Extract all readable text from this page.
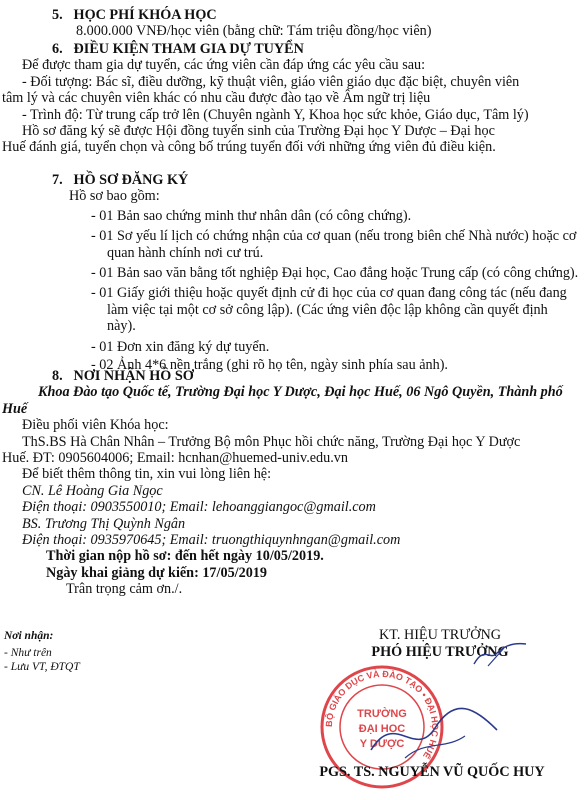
5. HỌC PHÍ KHÓA HỌC

8.000.000 VNĐ/học viên (bằng chữ: Tám triệu đồng/học viên)

6. ĐIỀU KIỆN THAM GIA DỰ TUYỂN

Để được tham gia dự tuyển, các ứng viên cần đáp ứng các yêu cầu sau:

- Đối tượng: Bác sĩ, điều dưỡng, kỹ thuật viên, giáo viên giáo dục đặc biệt, chuyên viên

tâm lý và các chuyên viên khác có nhu cầu được đào tạo về Âm ngữ trị liệu

- Trình độ: Từ trung cấp trở lên (Chuyên ngành Y, Khoa học sức khỏe, Giáo dục, Tâm lý)

Hồ sơ đăng ký sẽ được Hội đồng tuyển sinh của Trường Đại học Y Dược – Đại học

Huế đánh giá, tuyển chọn và công bố trúng tuyển đối với những ứng viên đủ điều kiện.

7. HỒ SƠ ĐĂNG KÝ

Hồ sơ bao gồm:

- 01 Bản sao chứng minh thư nhân dân (có công chứng).

- 01 Sơ yếu lí lịch có chứng nhận của cơ quan (nếu trong biên chế Nhà nước) hoặc cơ quan hành chính nơi cư trú.

- 01 Bản sao văn bằng tốt nghiệp Đại học, Cao đẳng hoặc Trung cấp (có công chứng).

- 01 Giấy giới thiệu hoặc quyết định cử đi học của cơ quan đang công tác (nếu đang làm việc tại một cơ sở công lập). (Các ứng viên độc lập không cần quyết định này).

- 01 Đơn xin đăng ký dự tuyển.

- 02 Ảnh 4*6 nền trắng (ghi rõ họ tên, ngày sinh phía sau ảnh).

8. NƠI NHẬN HỒ SƠ

Khoa Đào tạo Quốc tế, Trường Đại học Y Dược, Đại học Huế, 06 Ngô Quyền, Thành phố

Huế

Điều phối viên Khóa học:

ThS.BS Hà Chân Nhân – Trưởng Bộ môn Phục hồi chức năng, Trường Đại học Y Dược

Huế. ĐT: 0905604006; Email: hcnhan@huemed-univ.edu.vn

Để biết thêm thông tin, xin vui lòng liên hệ:

CN. Lê Hoàng Gia Ngọc

Điện thoại: 0903550010; Email: lehoanggiangoc@gmail.com

BS. Trương Thị Quỳnh Ngân

Điện thoại: 0935970645; Email: truongthiquynhngan@gmail.com

Thời gian nộp hồ sơ: đến hết ngày 10/05/2019.

Ngày khai giảng dự kiến: 17/05/2019

Trân trọng cảm ơn./.

Nơi nhận:
- Như trên
- Lưu VT, ĐTQT
KT. HIỆU TRƯỞNG
PHÓ HIỆU TRƯỞNG
BỘ GIÁO DỤC VÀ ĐÀO TẠO • ĐẠI HỌC HUẾ
TRƯỜNG
ĐẠI HỌC
Y DƯỢC
PGS. TS. NGUYỄN VŨ QUỐC HUY
